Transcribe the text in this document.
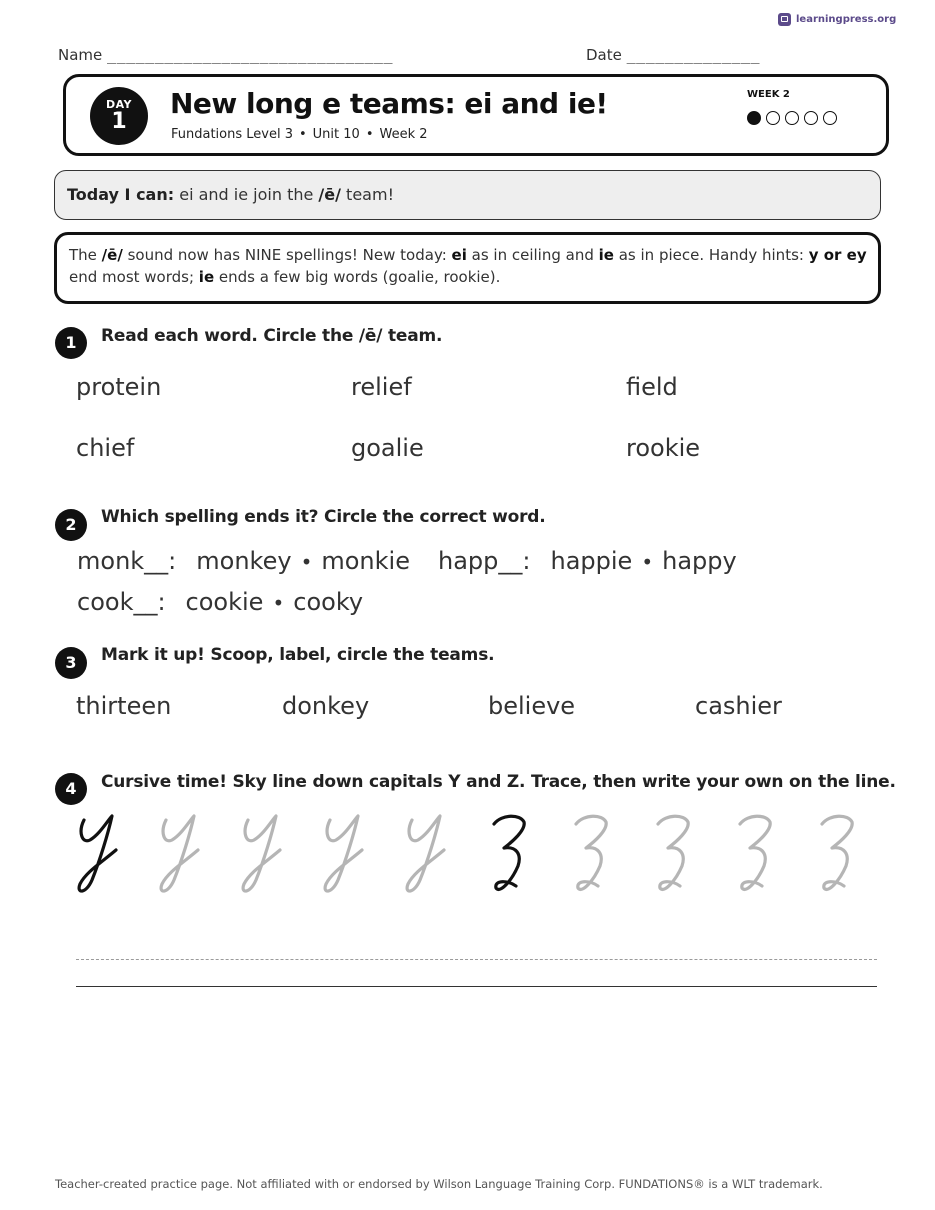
learningpress.org
Name ______________________________	Date ______________
DAY
1
New long e teams: ei and ie!
Fundations Level 3 • Unit 10 • Week 2
WEEK 2
Today I can: ei and ie join the /ē/ team!
The /ē/ sound now has NINE spellings! New today: ei as in ceiling and ie as in piece. Handy hints: y or ey end most words; ie ends a few big words (goalie, rookie).
1	Read each word. Circle the /ē/ team.
protein	relief	field
chief	goalie	rookie
2	Which spelling ends it? Circle the correct word.
monk__: monkey • monkie happ__: happie • happy
cook__: cookie • cooky
3	Mark it up! Scoop, label, circle the teams.
thirteen	donkey	believe	cashier
4	Cursive time! Sky line down capitals Y and Z. Trace, then write your own on the line.
Teacher-created practice page. Not affiliated with or endorsed by Wilson Language Training Corp. FUNDATIONS® is a WLT trademark.
